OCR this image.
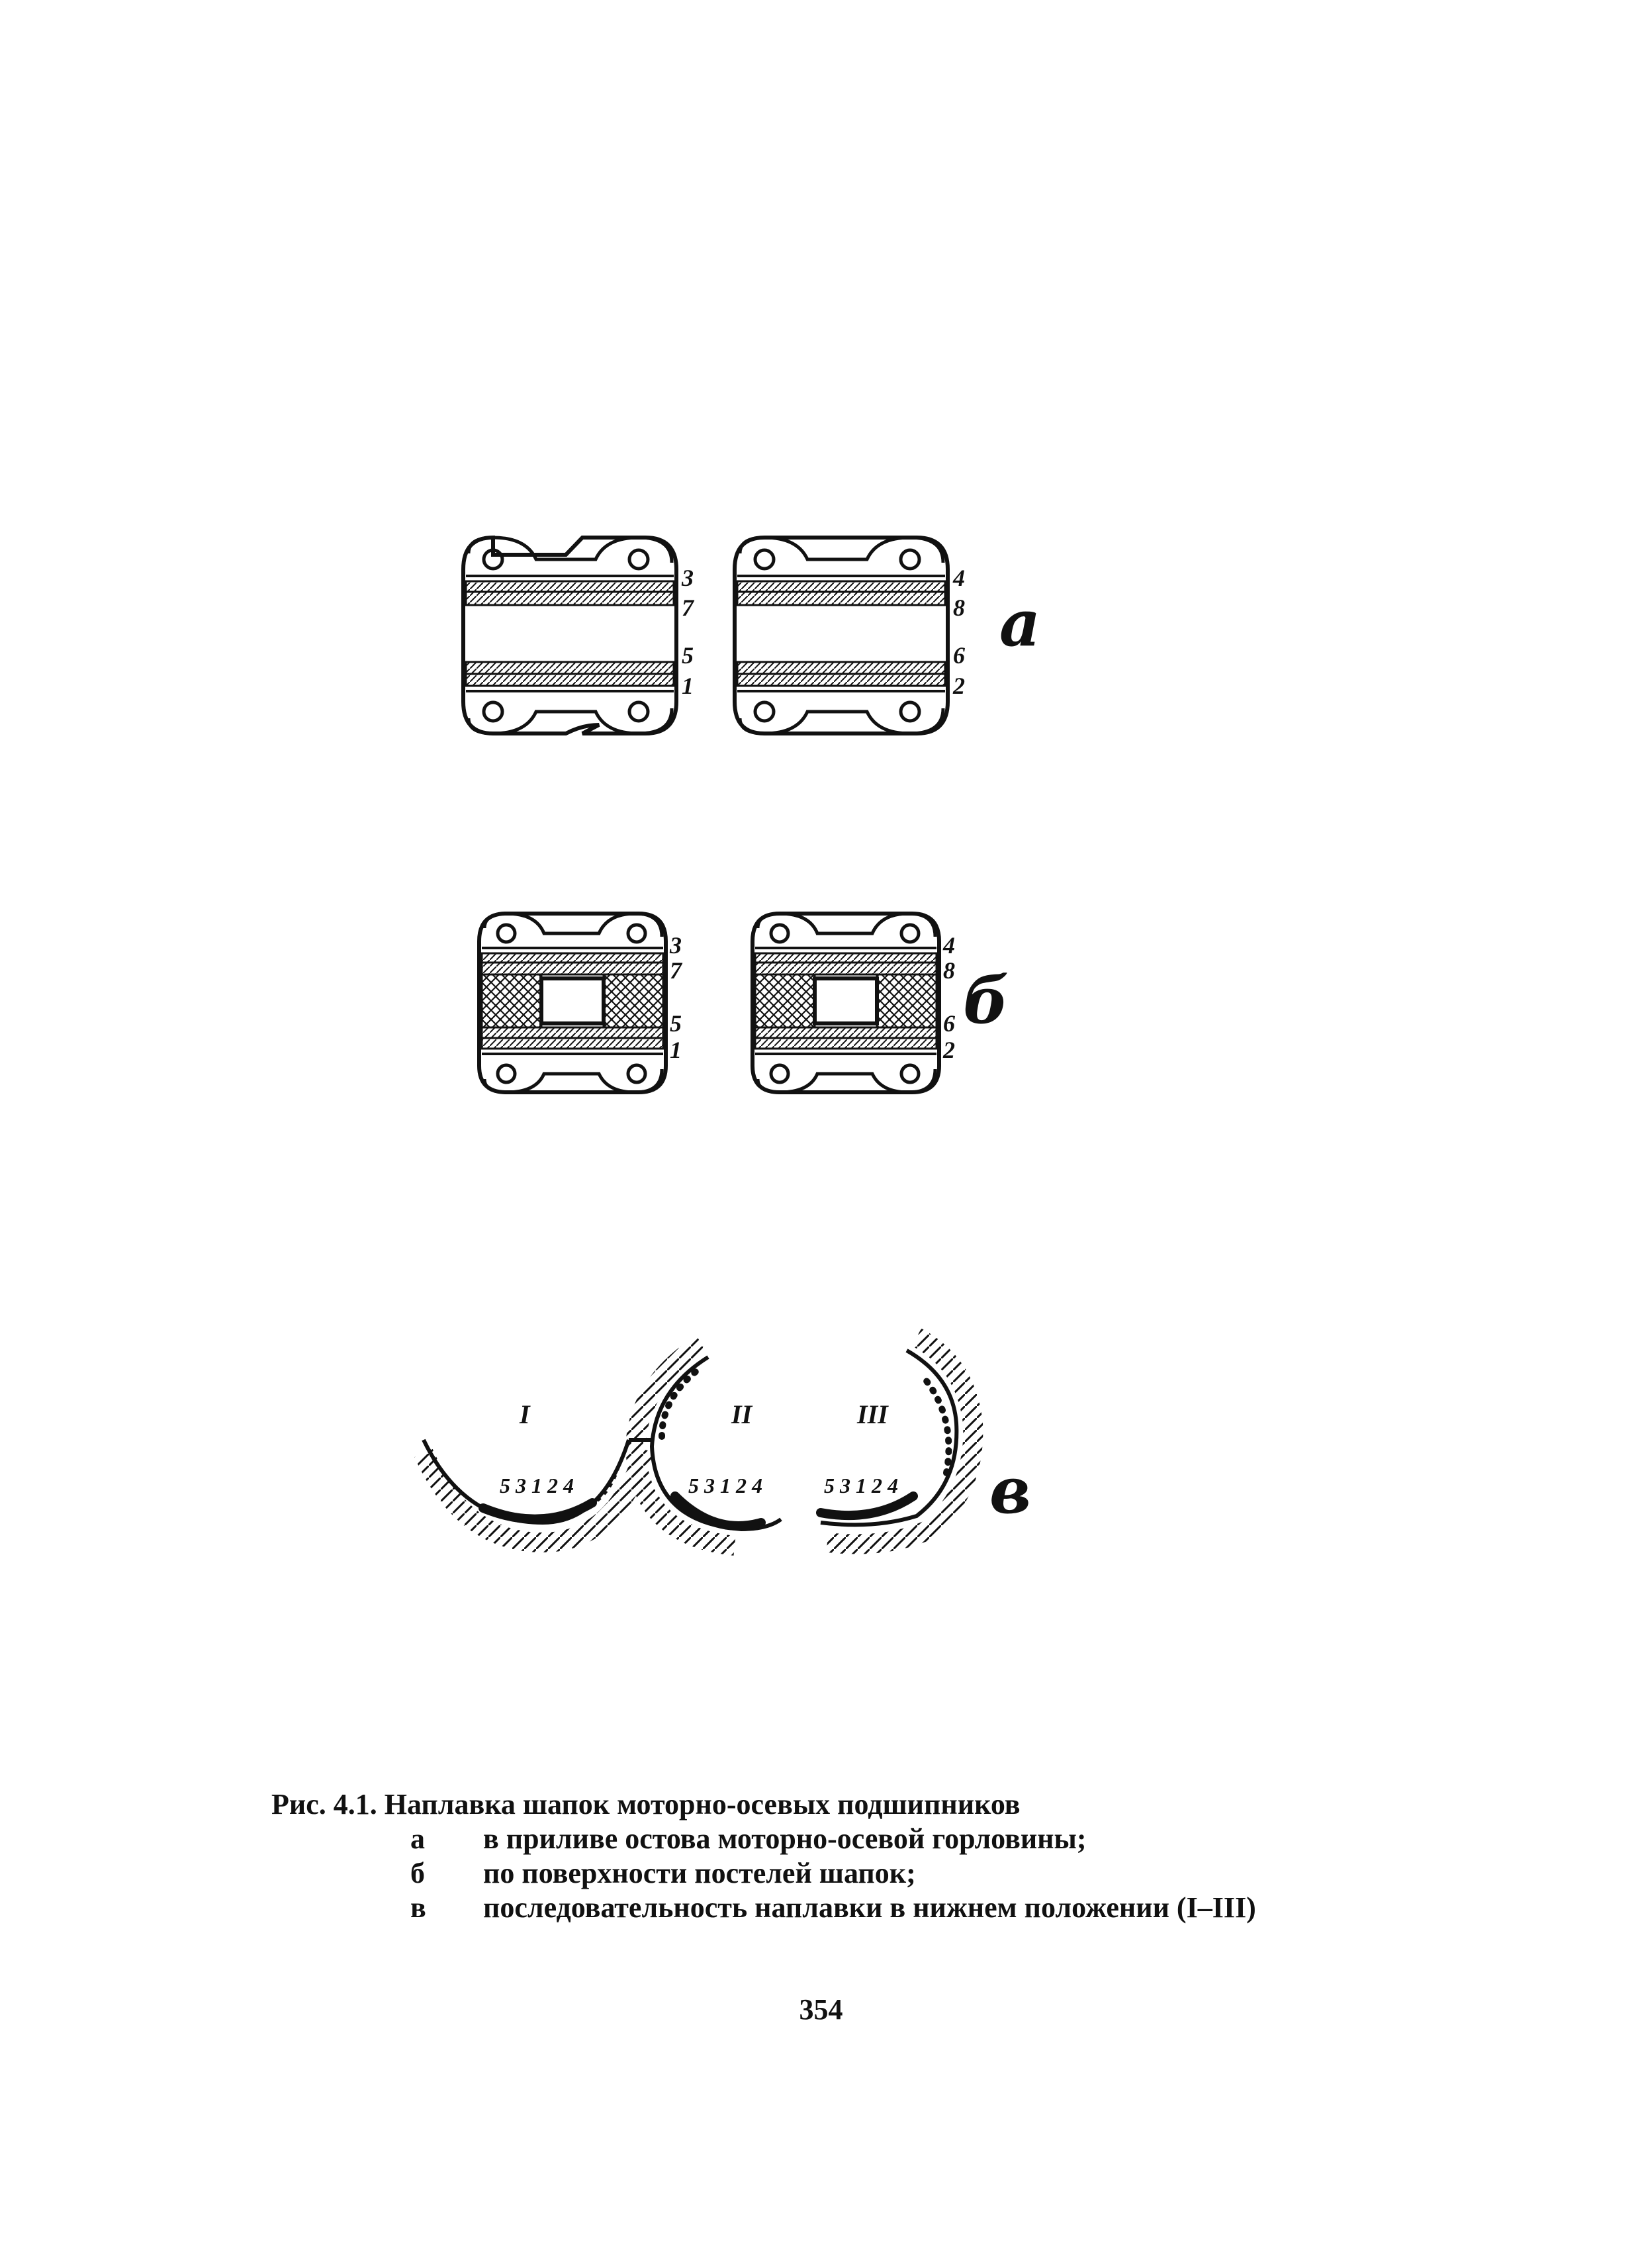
3
7
5
1
4
8
6
2
a
3
7
5
1
4
8
6
2
б
I
5 3 1 2 4
II
5 3 1 2 4
III
5 3 1 2 4 в
Рис. 4.1. Наплавка шапок моторно-осевых подшипников
а	в приливе остова моторно-осевой горловины;
б	по поверхности постелей шапок;
в	последовательность наплавки в нижнем положении (I–III)
354
